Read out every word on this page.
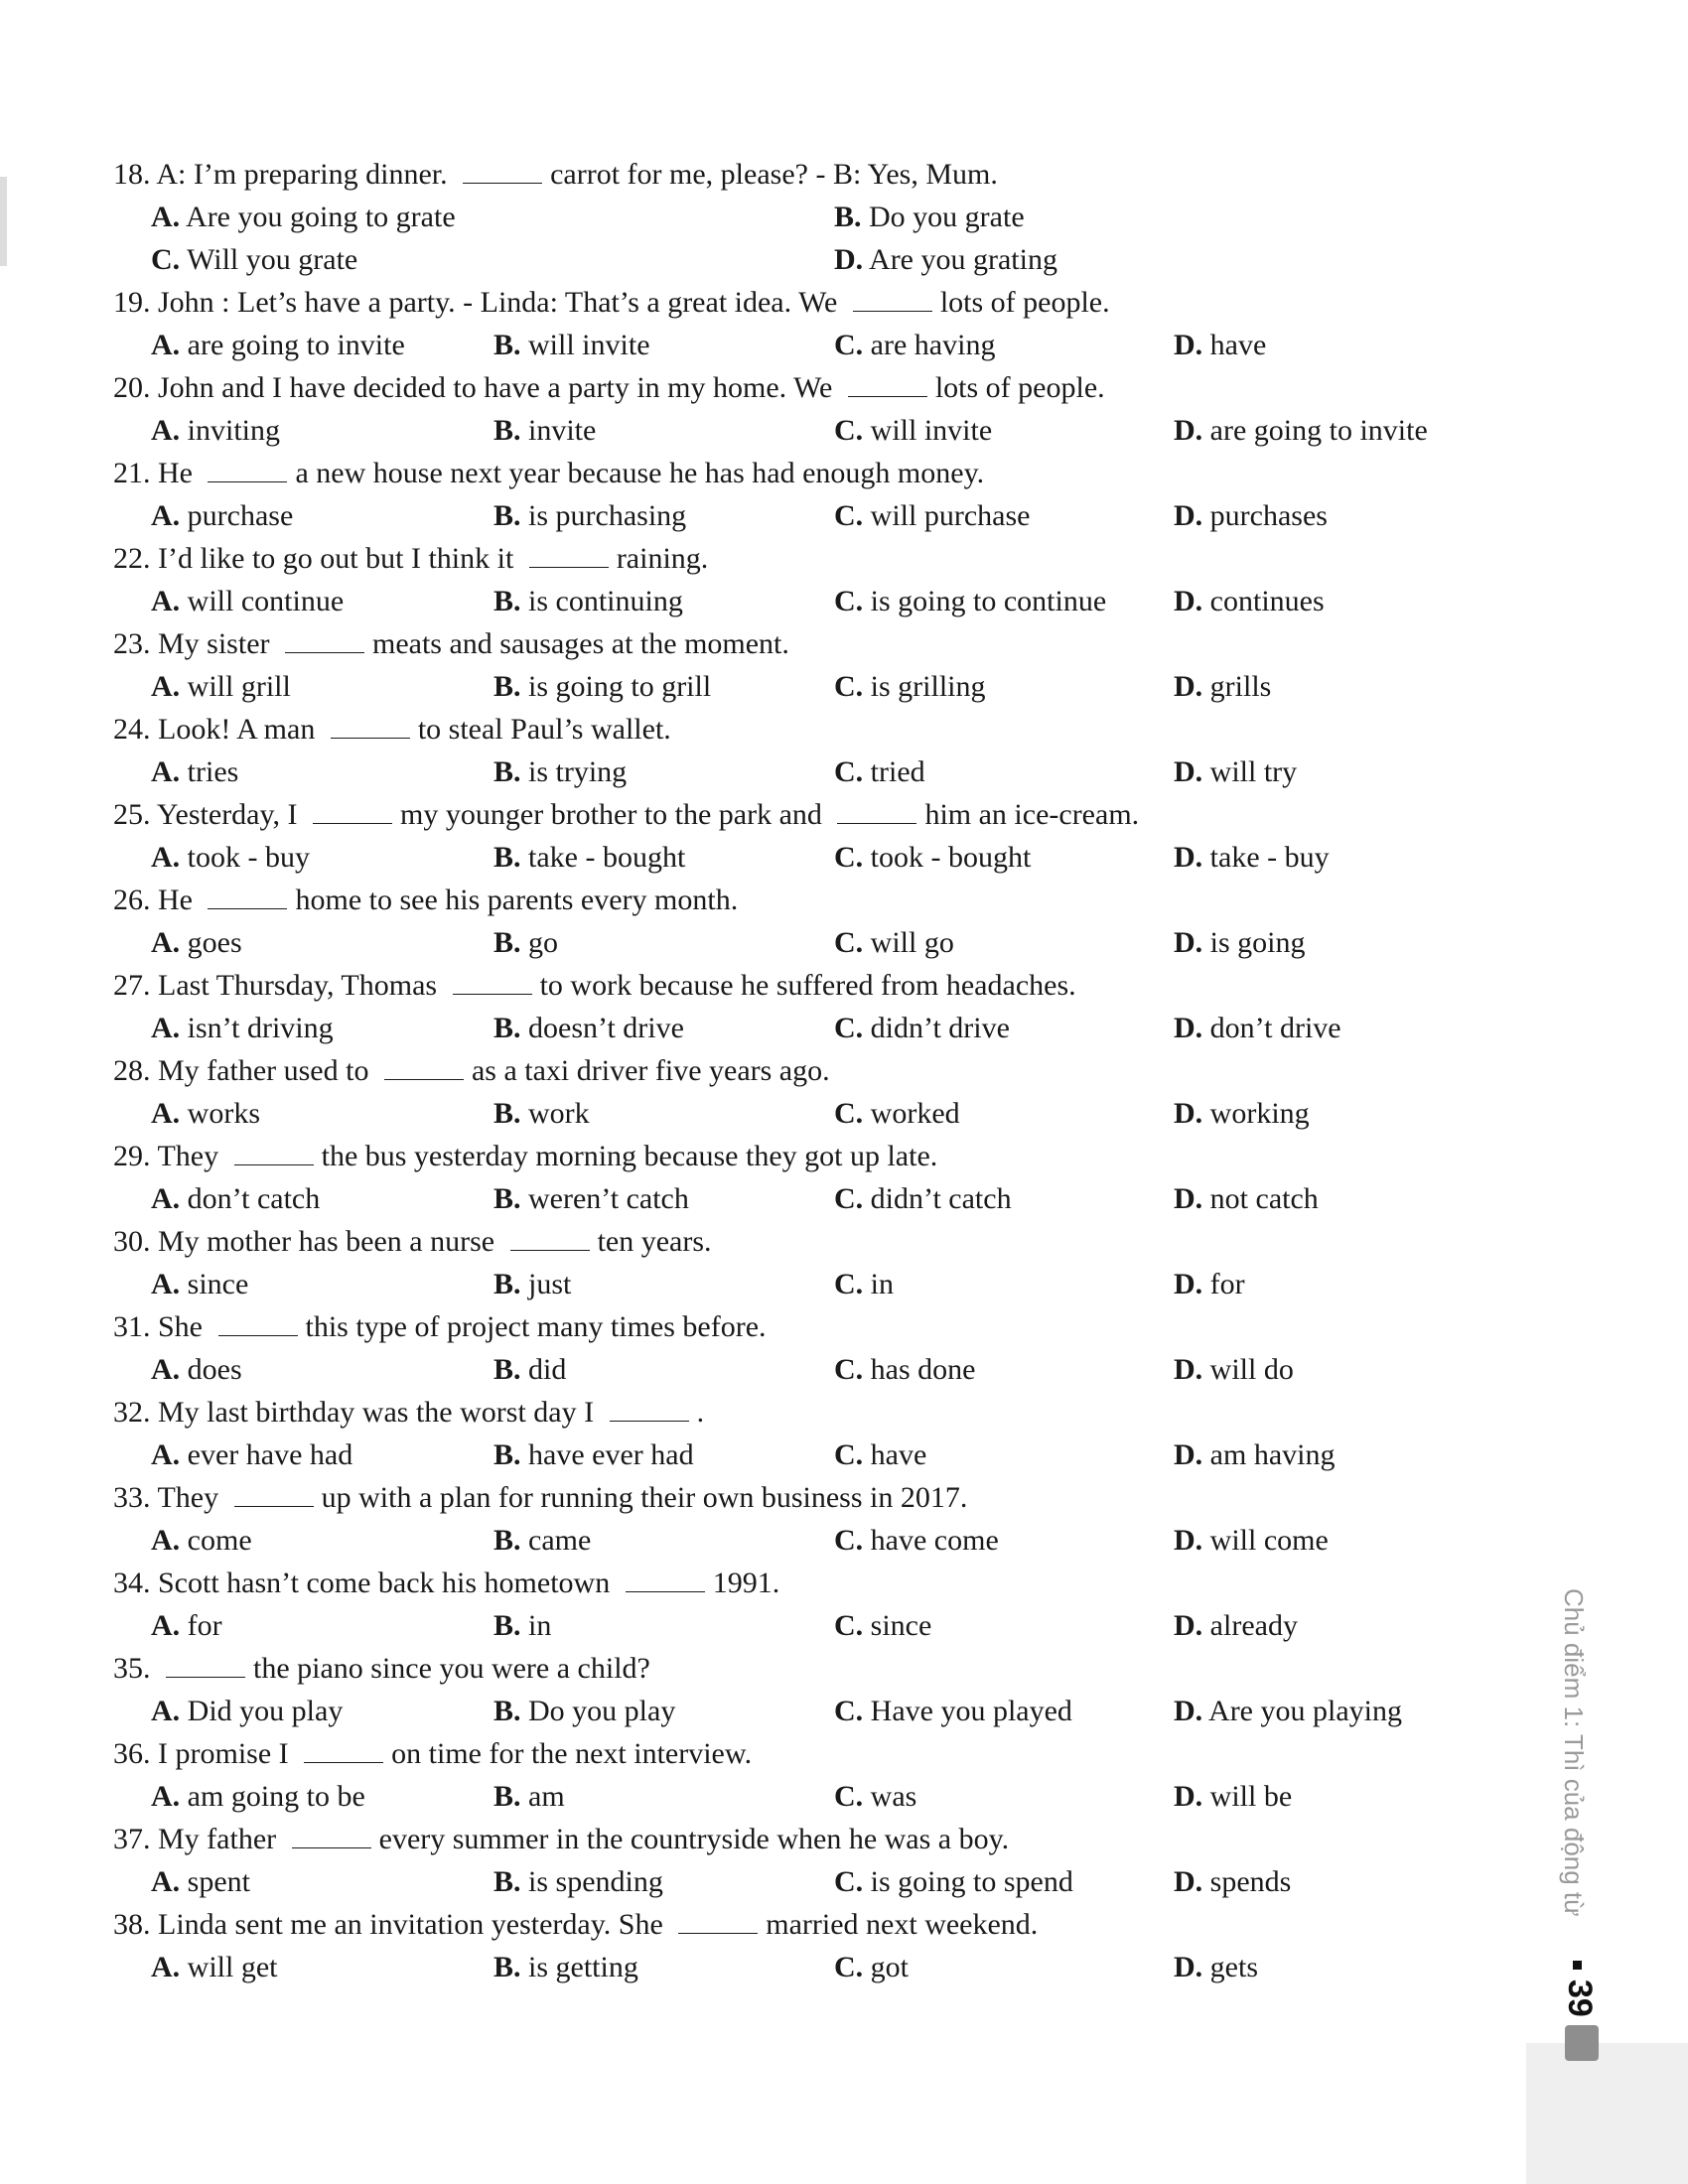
18. A: I’m preparing dinner.	carrot for me, please? - B: Yes, Mum.
A. Are you going to grate	B. Do you grate
C. Will you grate	D. Are you grating
19. John : Let’s have a party. - Linda: That’s a great idea. We	lots of people.
A. are going to invite	B. will invite	C. are having	D. have
20. John and I have decided to have a party in my home. We	lots of people.
A. inviting	B. invite	C. will invite	D. are going to invite
21. He	a new house next year because he has had enough money.
A. purchase	B. is purchasing	C. will purchase	D. purchases
22. I’d like to go out but I think it	raining.
A. will continue	B. is continuing	C. is going to continue D. continues
23. My sister	meats and sausages at the moment.
A. will grill	B. is going to grill	C. is grilling	D. grills
24. Look! A man	to steal Paul’s wallet.
A. tries	B. is trying	C. tried	D. will try
25. Yesterday, I	my younger brother to the park and	him an ice-cream.
A. took - buy	B. take - bought	C. took - bought	D. take - buy
26. He	home to see his parents every month.
A. goes	B. go	C. will go	D. is going
27. Last Thursday, Thomas	to work because he suffered from headaches.
A. isn’t driving	B. doesn’t drive	C. didn’t drive	D. don’t drive
28. My father used to	as a taxi driver five years ago.
A. works	B. work	C. worked	D. working
29. They	the bus yesterday morning because they got up late.
A. don’t catch	B. weren’t catch	C. didn’t catch	D. not catch
30. My mother has been a nurse	ten years.
A. since	B. just	C. in	D. for
31. She	this type of project many times before.
A. does	B. did	C. has done	D. will do
32. My last birthday was the worst day I	.
A. ever have had	B. have ever had	C. have	D. am having
33. They	up with a plan for running their own business in 2017.
A. come	B. came	C. have come	D. will come
34. Scott hasn’t come back his hometown	1991.
A. for	B. in	C. since	D. already
35.	the piano since you were a child?
A. Did you play	B. Do you play	C. Have you played	D. Are you playing
36. I promise I	on time for the next interview.
A. am going to be	B. am	C. was	D. will be
37. My father	every summer in the countryside when he was a boy.
A. spent	B. is spending	C. is going to spend	D. spends
38. Linda sent me an invitation yesterday. She	married next weekend.
A. will get	B. is getting	C. got	D. gets
Chủ điểm 1: Thì của động từ
39
